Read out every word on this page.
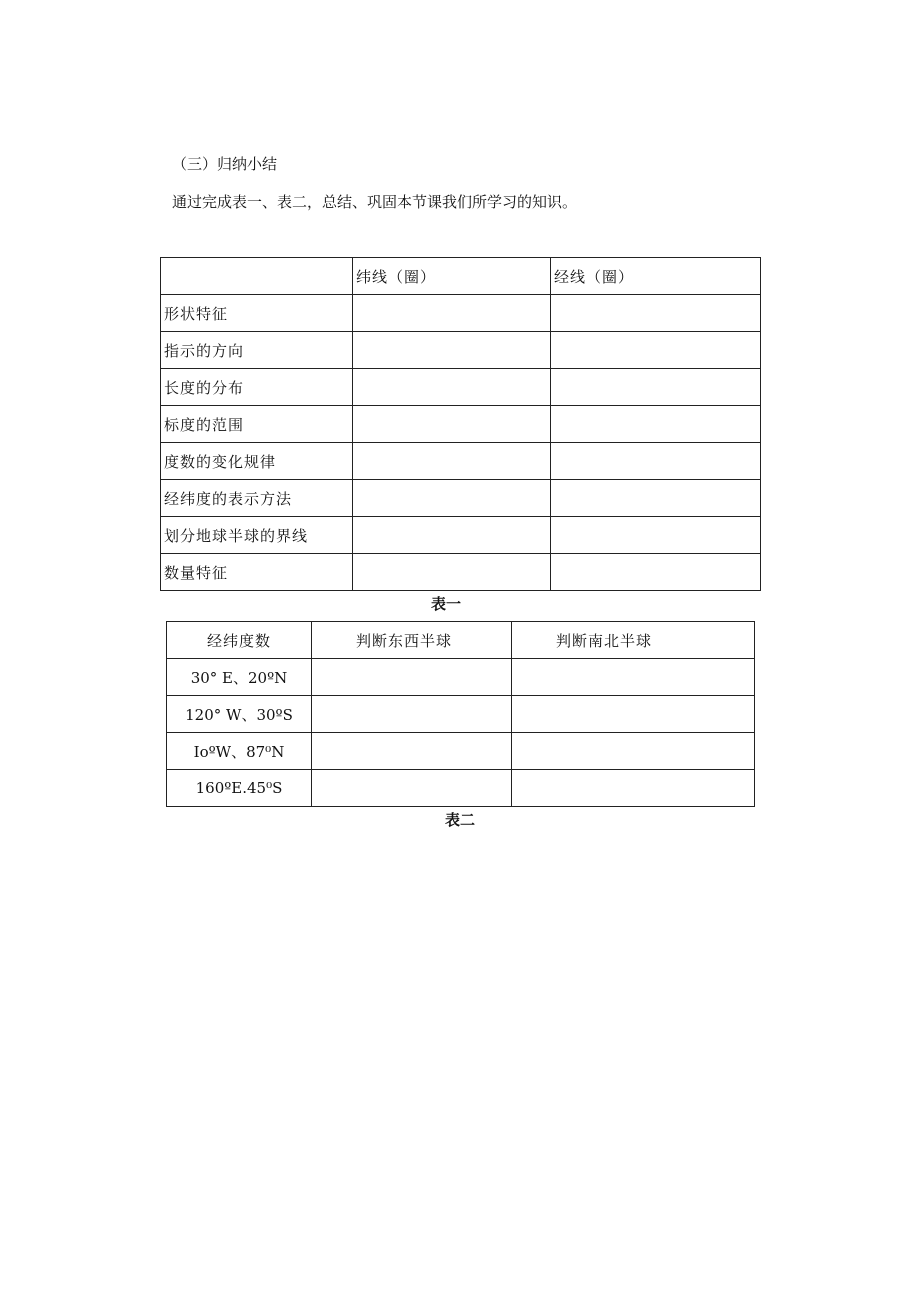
（三）归纳小结
通过完成表一、表二，总结、巩固本节课我们所学习的知识。
	纬线（圈）	经线（圈）
形状特征		
指示的方向		
长度的分布		
标度的范围		
度数的变化规律		
经纬度的表示方法		
划分地球半球的界线		
数量特征		
表一
经纬度数	判断东西半球	判断南北半球
30° E、20ºN		
120° W、30ºS		
IoºW、87⁰N		
160ºE.45⁰S		
表二
